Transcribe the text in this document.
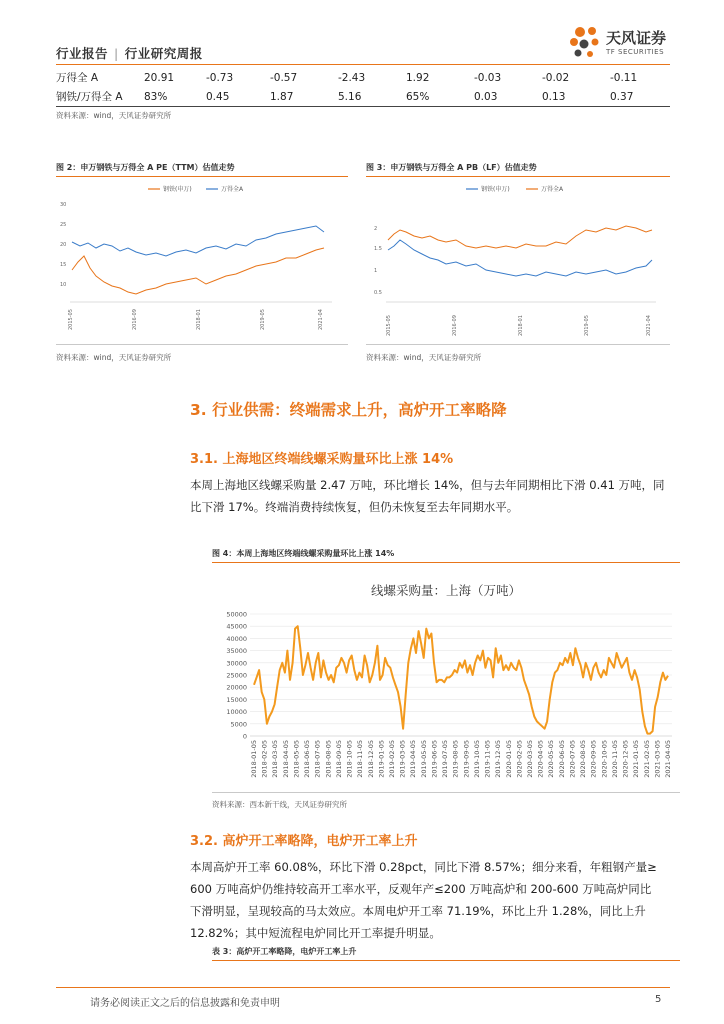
行业报告 | 行业研究周报
天风证券
TF SECURITIES
万得全 A	20.91	-0.73	-0.57	-2.43	1.92	-0.03	-0.02	-0.11
钢铁/万得全 A	83%	0.45	1.87	5.16	65%	0.03	0.13	0.37
资料来源：wind，天风证券研究所
图 2：申万钢铁与万得全 A PE（TTM）估值走势
钢铁(申万)	万得全A
30
25
20
15
10
2015-05	2016-09	2018-01	2019-05	2021-04
资料来源：wind，天风证券研究所
图 3：申万钢铁与万得全 A PB（LF）估值走势
钢铁(申万)	万得全A
2
1.5
1
0.5
2015-05	2016-09	2018-01	2019-05	2021-04
资料来源：wind，天风证券研究所
3. 行业供需：终端需求上升，高炉开工率略降
3.1. 上海地区终端线螺采购量环比上涨 14%
本周上海地区线螺采购量 2.47 万吨，环比增长 14%，但与去年同期相比下滑 0.41 万吨，同
比下滑 17%。终端消费持续恢复，但仍未恢复至去年同期水平。
图 4：本周上海地区终端线螺采购量环比上涨 14%
线螺采购量：上海（万吨）
0
5000
10000
15000
20000
25000
30000
35000
40000
45000
50000
2018-01-05 2018-02-05 2018-03-05 2018-04-05 2018-05-05 2018-06-05 2018-07-05 2018-08-05 2018-09-05 2018-10-05 2018-11-05 2018-12-05 2019-01-05 2019-02-05 2019-03-05 2019-04-05 2019-05-05 2019-06-05 2019-07-05 2019-08-05 2019-09-05 2019-10-05 2019-11-05 2019-12-05 2020-01-05 2020-02-05 2020-03-05 2020-04-05 2020-05-05 2020-06-05 2020-07-05 2020-08-05 2020-09-05 2020-10-05 2020-11-05 2020-12-05 2021-01-05 2021-02-05 2021-03-05 2021-04-05
资料来源：西本新干线，天风证券研究所
3.2. 高炉开工率略降，电炉开工率上升
本周高炉开工率 60.08%，环比下滑 0.28pct，同比下滑 8.57%；细分来看，年粗钢产量≥
600 万吨高炉仍维持较高开工率水平，反观年产≤200 万吨高炉和 200-600 万吨高炉同比
下滑明显，呈现较高的马太效应。本周电炉开工率 71.19%，环比上升 1.28%，同比上升
12.82%；其中短流程电炉同比开工率提升明显。
表 3：高炉开工率略降，电炉开工率上升
请务必阅读正文之后的信息披露和免责申明	5
